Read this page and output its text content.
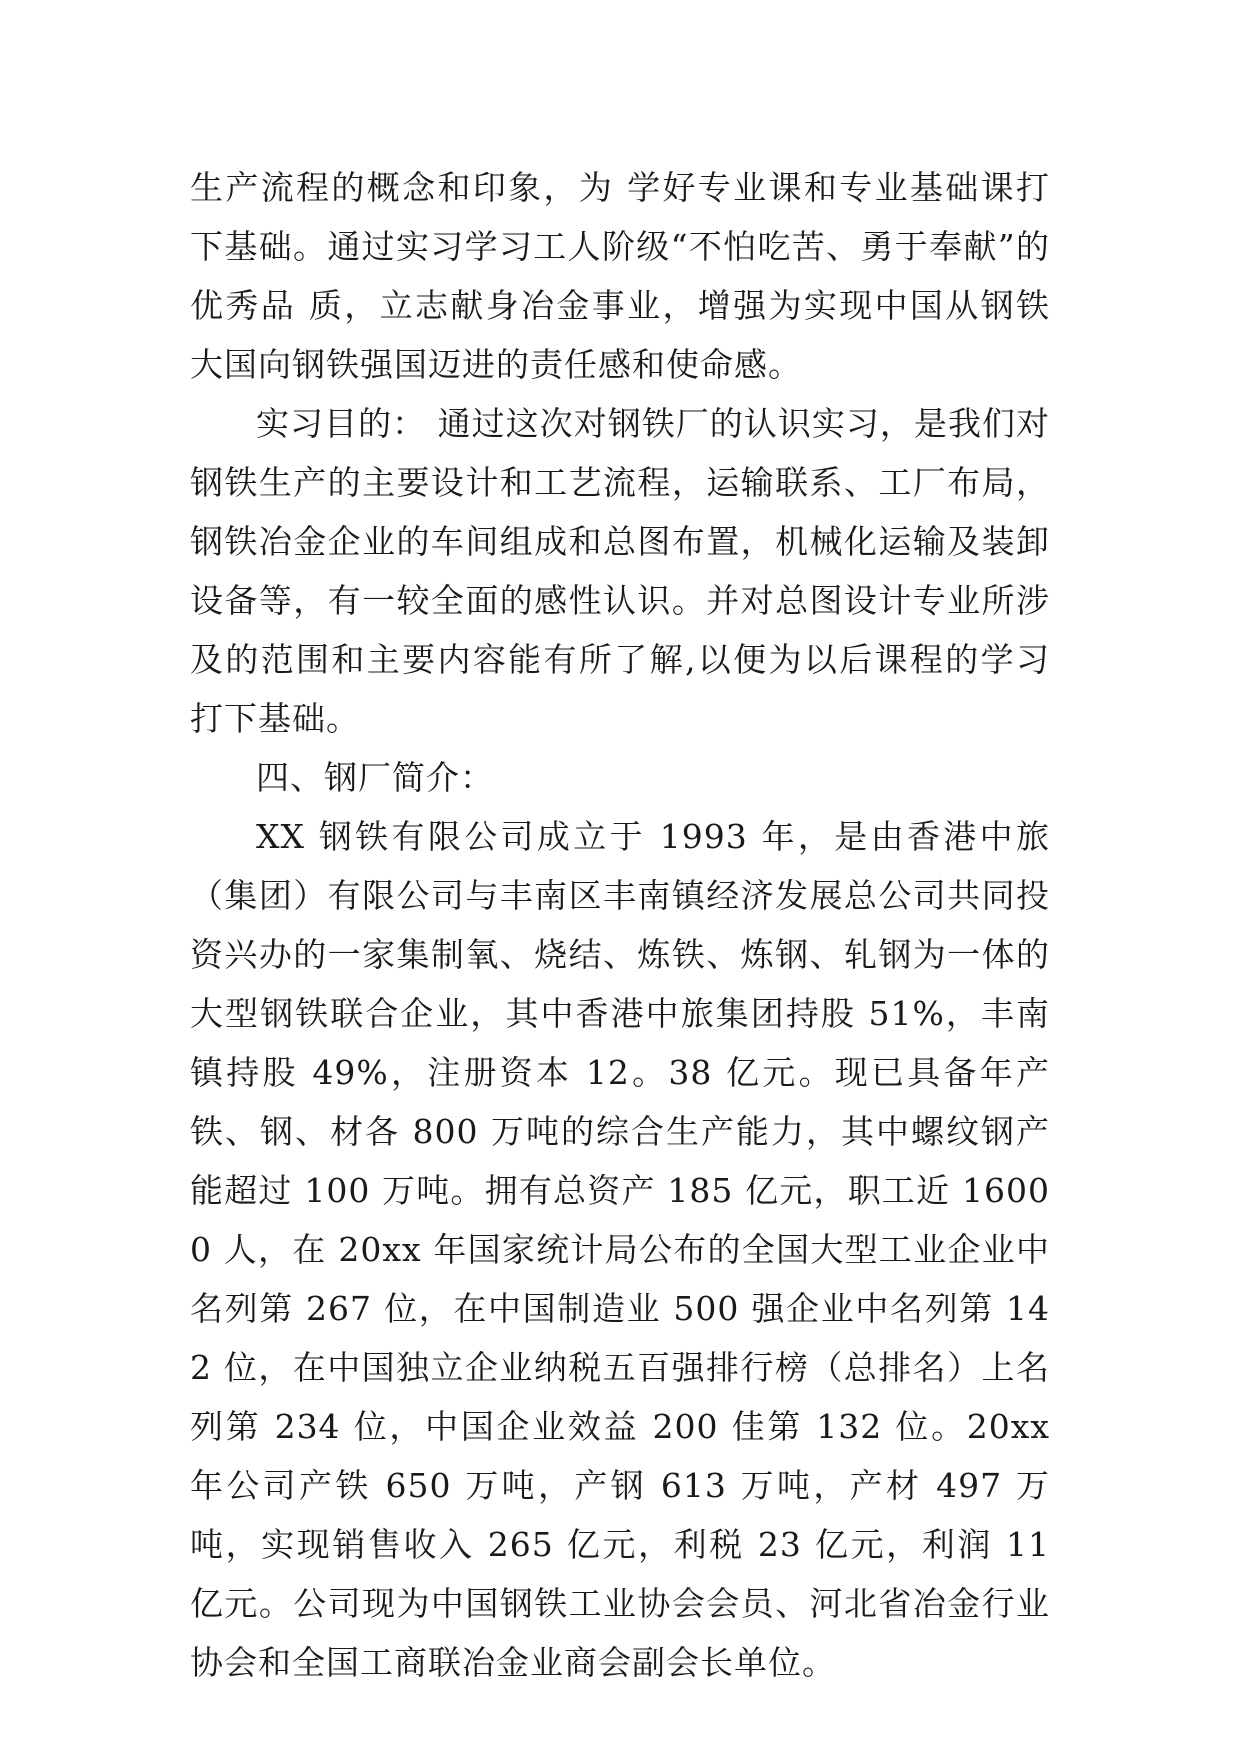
生产流程的概念和印象，为 学好专业课和专业基础课打下基础。通过实习学习工人阶级“不怕吃苦、勇于奉献”的优秀品 质，立志献身冶金事业，增强为实现中国从钢铁大国向钢铁强国迈进的责任感和使命感。

实习目的： 通过这次对钢铁厂的认识实习，是我们对钢铁生产的主要设计和工艺流程，运输联系、工厂布局，钢铁冶金企业的车间组成和总图布置，机械化运输及装卸设备等，有一较全面的感性认识。并对总图设计专业所涉及的范围和主要内容能有所了解,以便为以后课程的学习打下基础。

四、钢厂简介：

XX 钢铁有限公司成立于 1993 年，是由香港中旅（集团）有限公司与丰南区丰南镇经济发展总公司共同投资兴办的一家集制氧、烧结、炼铁、炼钢、轧钢为一体的大型钢铁联合企业，其中香港中旅集团持股 51%，丰南镇持股 49%，注册资本 12。38 亿元。现已具备年产铁、钢、材各 800 万吨的综合生产能力，其中螺纹钢产能超过 100 万吨。拥有总资产 185 亿元，职工近 16000 人，在 20xx 年国家统计局公布的全国大型工业企业中名列第 267 位，在中国制造业 500 强企业中名列第 142 位，在中国独立企业纳税五百强排行榜（总排名）上名列第 234 位，中国企业效益 200 佳第 132 位。20xx 年公司产铁 650 万吨，产钢 613 万吨，产材 497 万吨，实现销售收入 265 亿元，利税 23 亿元，利润 11 亿元。公司现为中国钢铁工业协会会员、河北省冶金行业协会和全国工商联冶金业商会副会长单位。
